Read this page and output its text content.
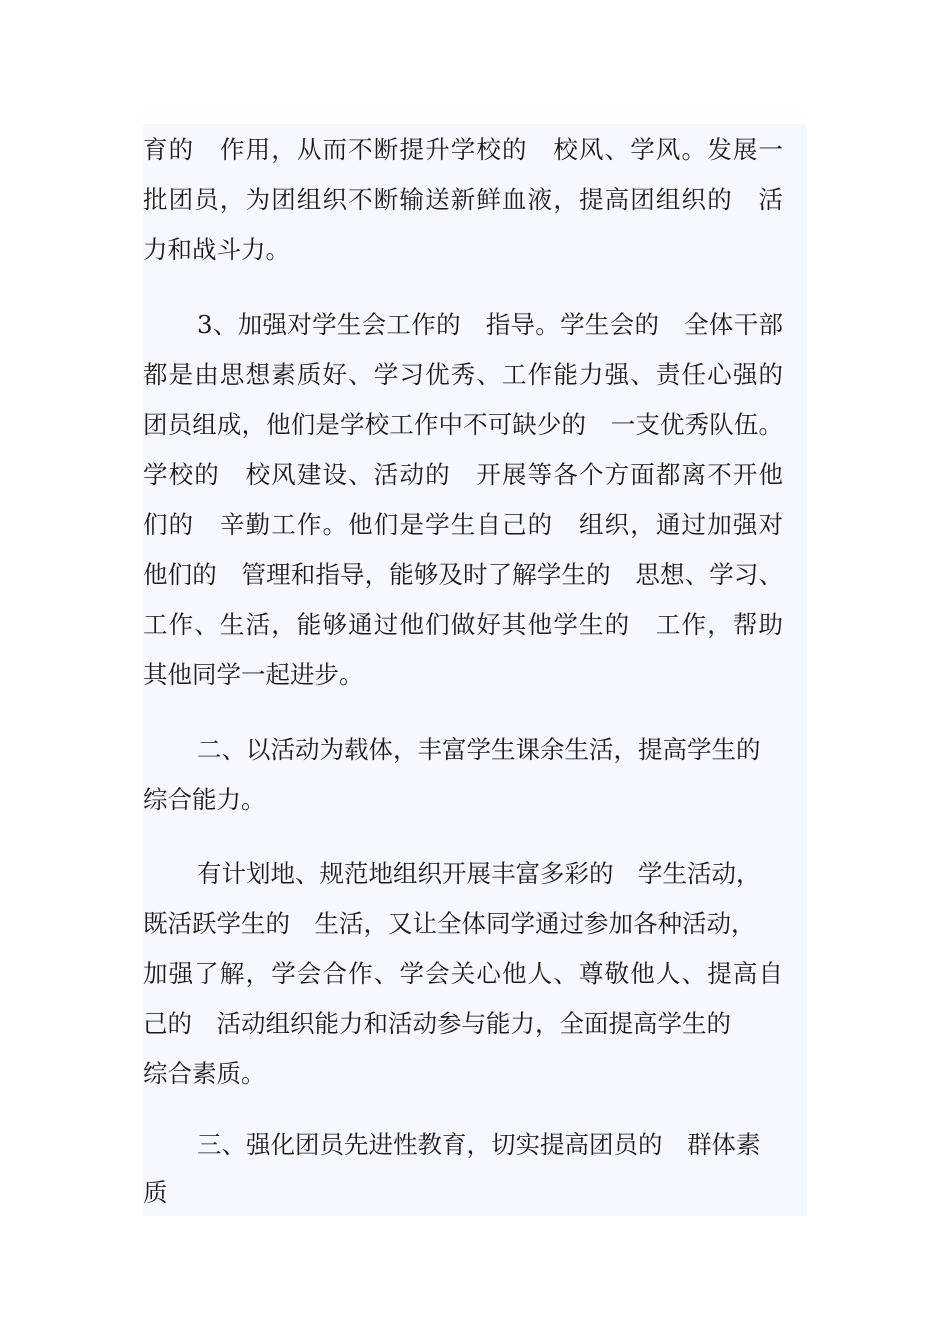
育的　作用，从而不断提升学校的　校风、学风。发展一
批团员，为团组织不断输送新鲜血液，提高团组织的　活
力和战斗力。
3、加强对学生会工作的　指导。学生会的　全体干部
都是由思想素质好、学习优秀、工作能力强、责任心强的
团员组成，他们是学校工作中不可缺少的　一支优秀队伍。
学校的　校风建设、活动的　开展等各个方面都离不开他
们的　辛勤工作。他们是学生自己的　组织，通过加强对
他们的　管理和指导，能够及时了解学生的　思想、学习、
工作、生活，能够通过他们做好其他学生的　工作，帮助
其他同学一起进步。
二、以活动为载体，丰富学生课余生活，提高学生的
综合能力。
有计划地、规范地组织开展丰富多彩的　学生活动，
既活跃学生的　生活，又让全体同学通过参加各种活动，
加强了解，学会合作、学会关心他人、尊敬他人、提高自
己的　活动组织能力和活动参与能力，全面提高学生的
综合素质。
三、强化团员先进性教育，切实提高团员的　群体素
质
